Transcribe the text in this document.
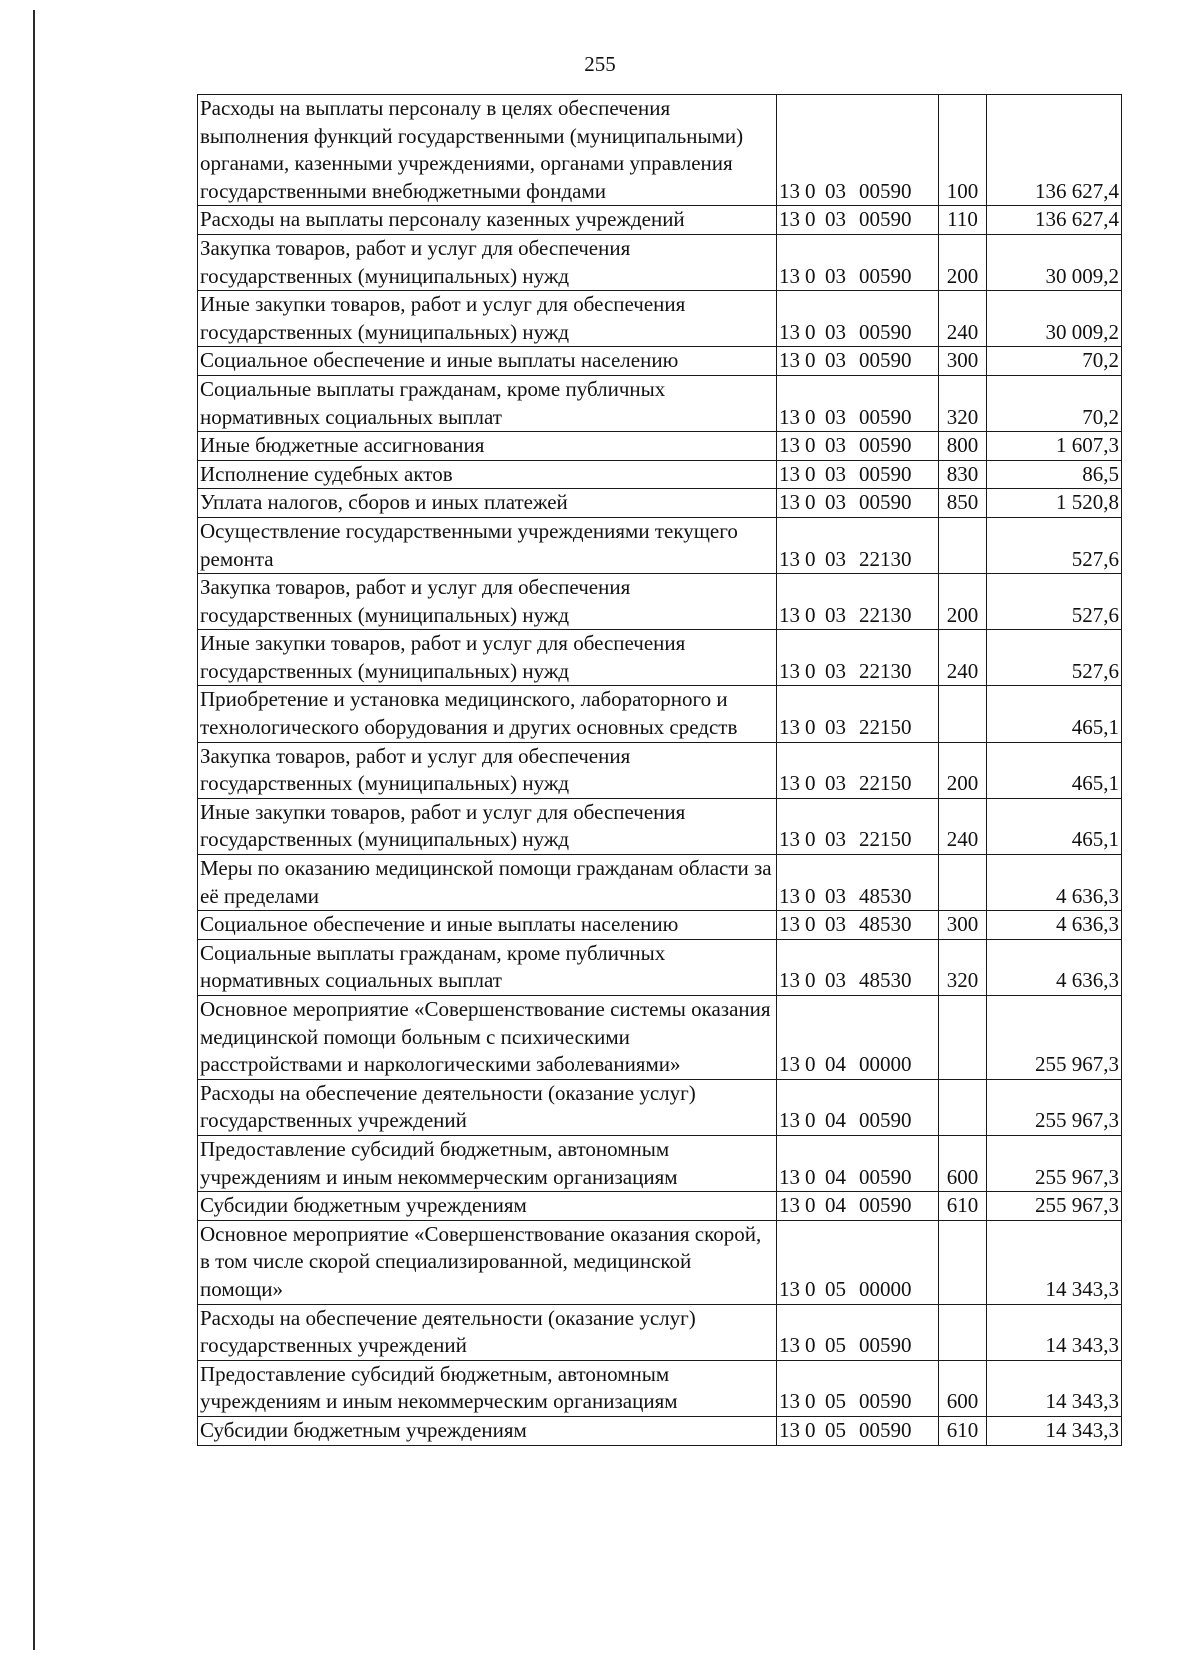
255
Расходы на выплаты персоналу в целях обеспечения выполнения функций государственными (муниципальными) органами, казенными учреждениями, органами управления государственными внебюджетными фондами	13 0 03 00590	100	136 627,4
Расходы на выплаты персоналу казенных учреждений	13 0 03 00590	110	136 627,4
Закупка товаров, работ и услуг для обеспечения государственных (муниципальных) нужд	13 0 03 00590	200	30 009,2
Иные закупки товаров, работ и услуг для обеспечения государственных (муниципальных) нужд	13 0 03 00590	240	30 009,2
Социальное обеспечение и иные выплаты населению	13 0 03 00590	300	70,2
Социальные выплаты гражданам, кроме публичных нормативных социальных выплат	13 0 03 00590	320	70,2
Иные бюджетные ассигнования	13 0 03 00590	800	1 607,3
Исполнение судебных актов	13 0 03 00590	830	86,5
Уплата налогов, сборов и иных платежей	13 0 03 00590	850	1 520,8
Осуществление государственными учреждениями текущего ремонта	13 0 03 22130		527,6
Закупка товаров, работ и услуг для обеспечения государственных (муниципальных) нужд	13 0 03 22130	200	527,6
Иные закупки товаров, работ и услуг для обеспечения государственных (муниципальных) нужд	13 0 03 22130	240	527,6
Приобретение и установка медицинского, лабораторного и технологического оборудования и других основных средств	13 0 03 22150		465,1
Закупка товаров, работ и услуг для обеспечения государственных (муниципальных) нужд	13 0 03 22150	200	465,1
Иные закупки товаров, работ и услуг для обеспечения государственных (муниципальных) нужд	13 0 03 22150	240	465,1
Меры по оказанию медицинской помощи гражданам области за её пределами	13 0 03 48530		4 636,3
Социальное обеспечение и иные выплаты населению	13 0 03 48530	300	4 636,3
Социальные выплаты гражданам, кроме публичных нормативных социальных выплат	13 0 03 48530	320	4 636,3
Основное мероприятие «Совершенствование системы оказания медицинской помощи больным с психическими расстройствами и наркологическими заболеваниями»	13 0 04 00000		255 967,3
Расходы на обеспечение деятельности (оказание услуг) государственных учреждений	13 0 04 00590		255 967,3
Предоставление субсидий бюджетным, автономным учреждениям и иным некоммерческим организациям	13 0 04 00590	600	255 967,3
Субсидии бюджетным учреждениям	13 0 04 00590	610	255 967,3
Основное мероприятие «Совершенствование оказания скорой, в том числе скорой специализированной, медицинской помощи»	13 0 05 00000		14 343,3
Расходы на обеспечение деятельности (оказание услуг) государственных учреждений	13 0 05 00590		14 343,3
Предоставление субсидий бюджетным, автономным учреждениям и иным некоммерческим организациям	13 0 05 00590	600	14 343,3
Субсидии бюджетным учреждениям	13 0 05 00590	610	14 343,3
